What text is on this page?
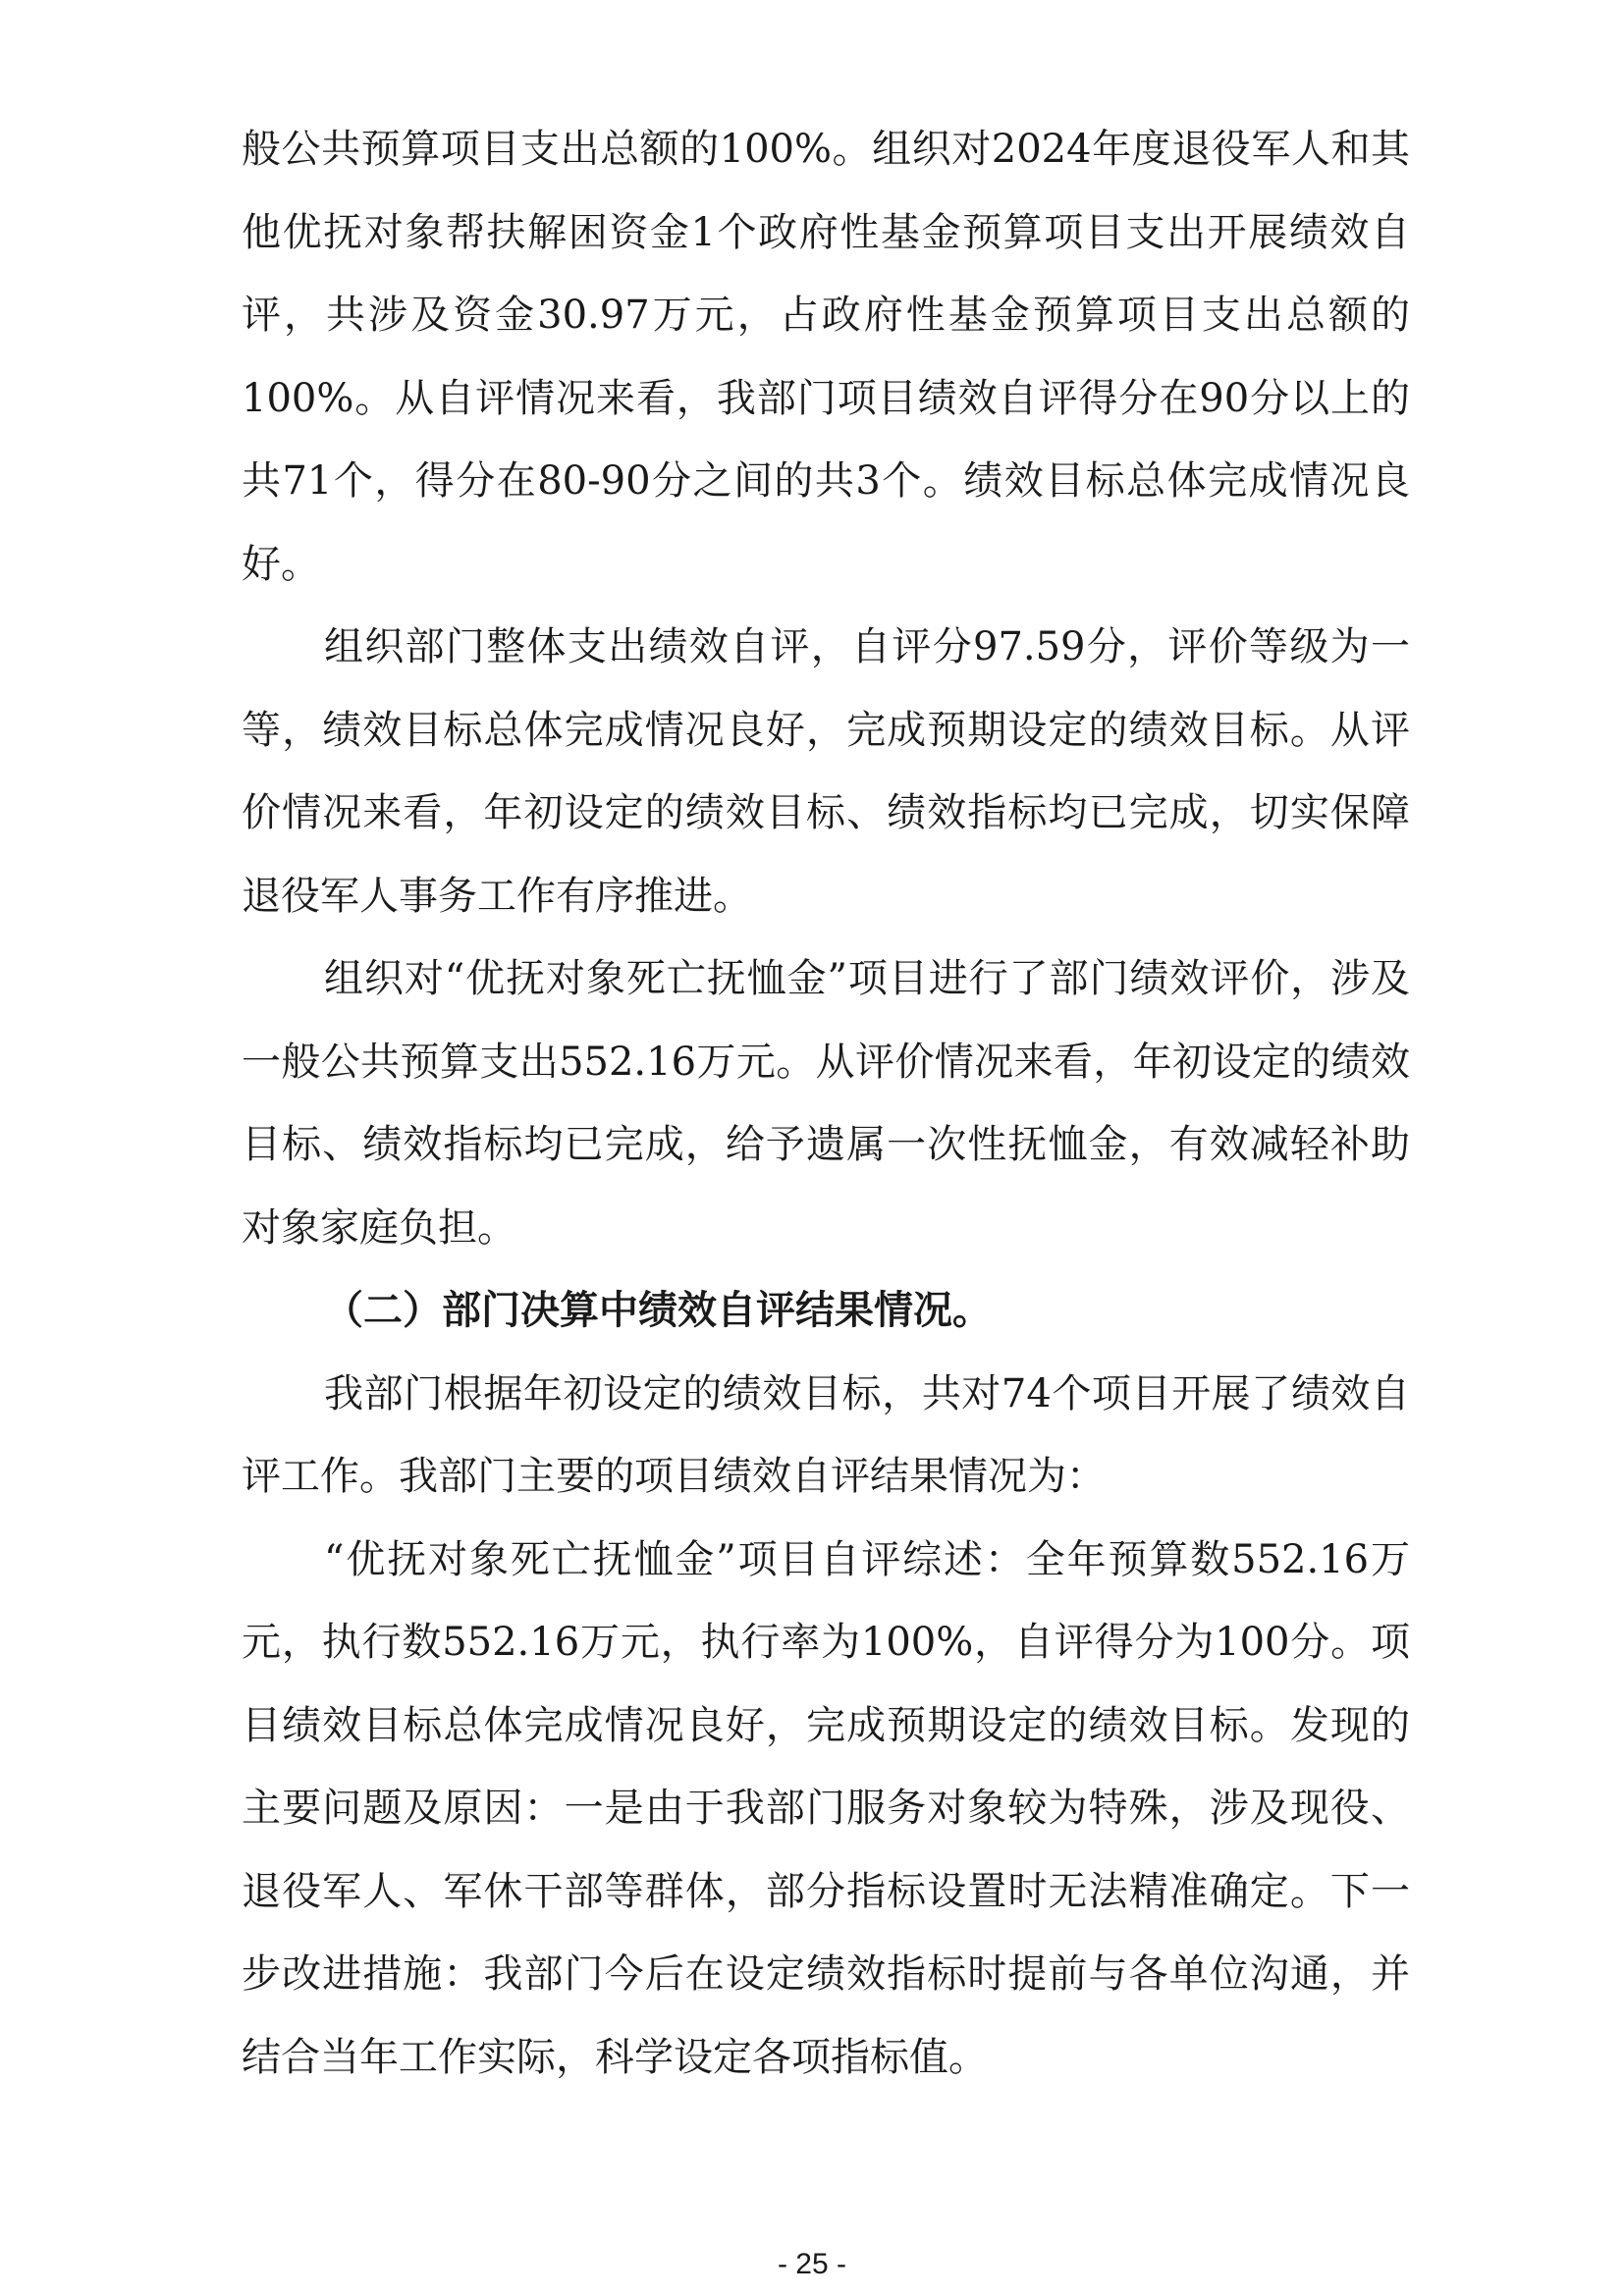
般公共预算项目支出总额的100%。组织对2024年度退役军人和其他优抚对象帮扶解困资金1个政府性基金预算项目支出开展绩效自评，共涉及资金30.97万元，占政府性基金预算项目支出总额的100%。从自评情况来看，我部门项目绩效自评得分在90分以上的共71个，得分在80-90分之间的共3个。绩效目标总体完成情况良好。

组织部门整体支出绩效自评，自评分97.59分，评价等级为一等，绩效目标总体完成情况良好，完成预期设定的绩效目标。从评价情况来看，年初设定的绩效目标、绩效指标均已完成，切实保障退役军人事务工作有序推进。

组织对“优抚对象死亡抚恤金”项目进行了部门绩效评价，涉及一般公共预算支出552.16万元。从评价情况来看，年初设定的绩效目标、绩效指标均已完成，给予遗属一次性抚恤金，有效减轻补助对象家庭负担。

（二）部门决算中绩效自评结果情况。

我部门根据年初设定的绩效目标，共对74个项目开展了绩效自评工作。我部门主要的项目绩效自评结果情况为：

“优抚对象死亡抚恤金”项目自评综述：全年预算数552.16万元，执行数552.16万元，执行率为100%，自评得分为100分。项目绩效目标总体完成情况良好，完成预期设定的绩效目标。发现的主要问题及原因：一是由于我部门服务对象较为特殊，涉及现役、退役军人、军休干部等群体，部分指标设置时无法精准确定。下一步改进措施：我部门今后在设定绩效指标时提前与各单位沟通，并结合当年工作实际，科学设定各项指标值。

- 25 -
